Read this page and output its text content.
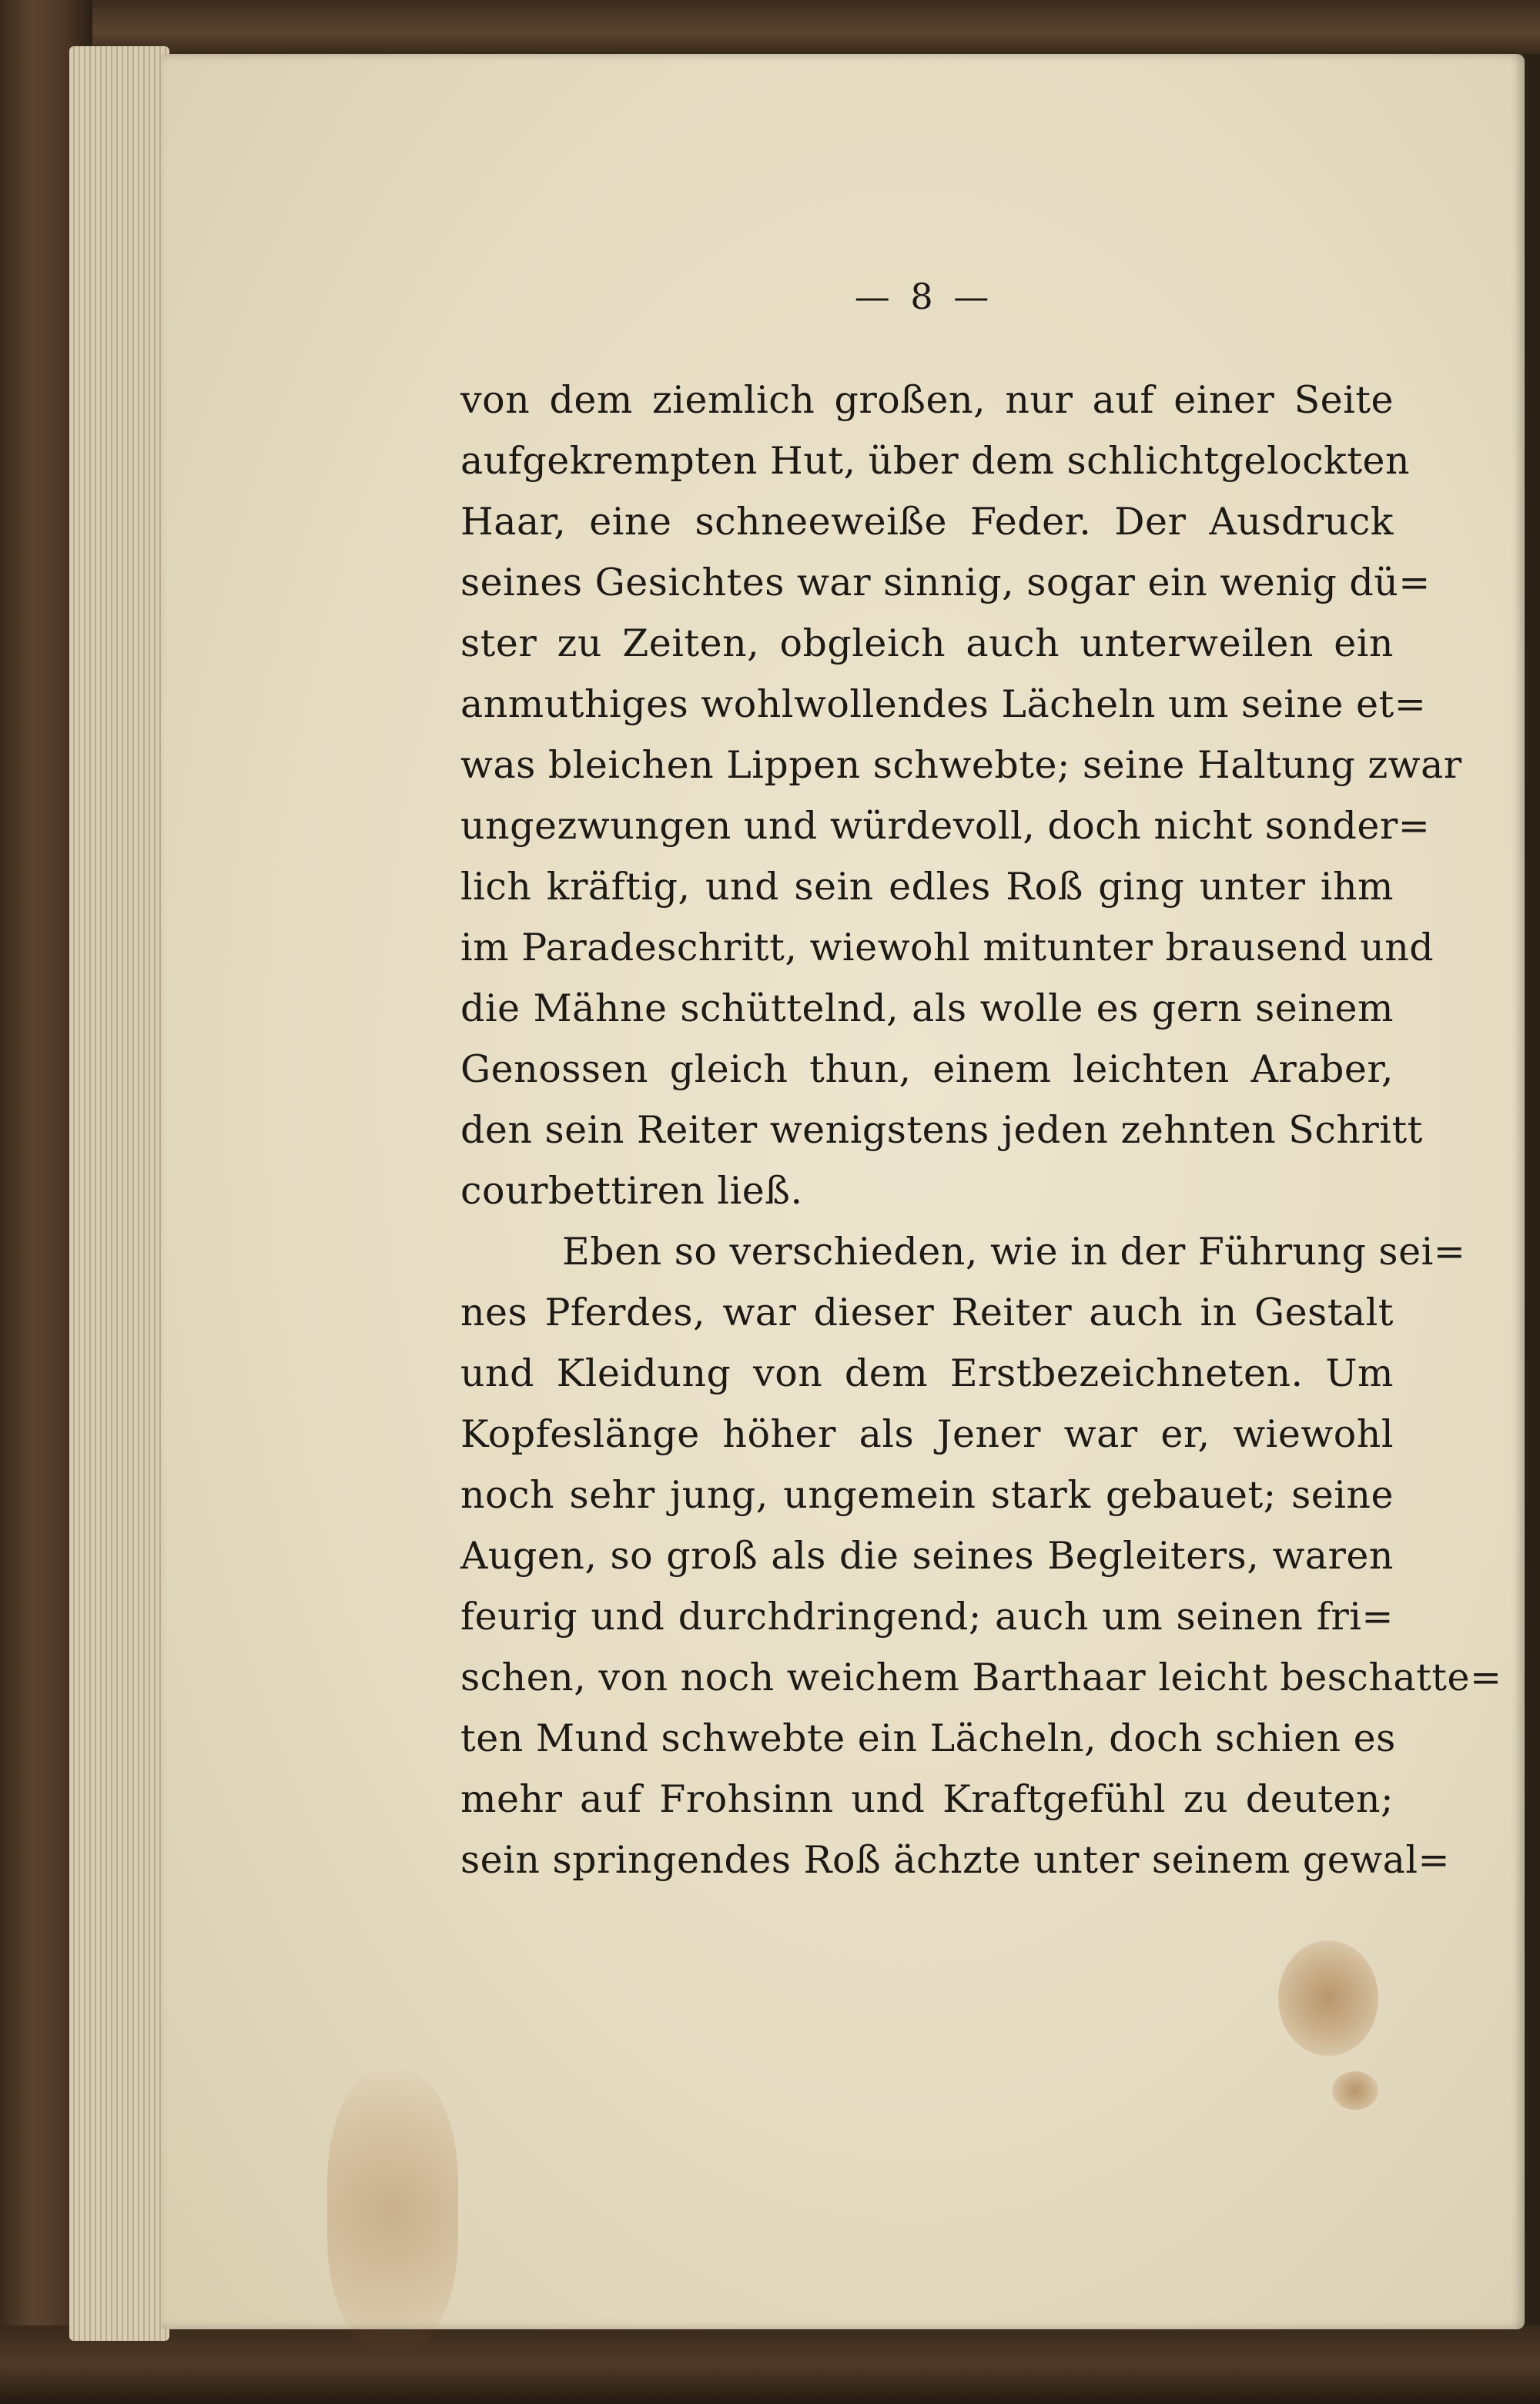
— 8 —
von dem ziemlich großen, nur auf einer Seite
aufgekrempten Hut, über dem schlichtgelockten
Haar, eine schneeweiße Feder. Der Ausdruck
seines Gesichtes war sinnig, sogar ein wenig dü=
ster zu Zeiten, obgleich auch unterweilen ein
anmuthiges wohlwollendes Lächeln um seine et=
was bleichen Lippen schwebte; seine Haltung zwar
ungezwungen und würdevoll, doch nicht sonder=
lich kräftig, und sein edles Roß ging unter ihm
im Paradeschritt, wiewohl mitunter brausend und
die Mähne schüttelnd, als wolle es gern seinem
Genossen gleich thun, einem leichten Araber,
den sein Reiter wenigstens jeden zehnten Schritt
courbettiren ließ.
Eben so verschieden, wie in der Führung sei=
nes Pferdes, war dieser Reiter auch in Gestalt
und Kleidung von dem Erstbezeichneten. Um
Kopfeslänge höher als Jener war er, wiewohl
noch sehr jung, ungemein stark gebauet; seine
Augen, so groß als die seines Begleiters, waren
feurig und durchdringend; auch um seinen fri=
schen, von noch weichem Barthaar leicht beschatte=
ten Mund schwebte ein Lächeln, doch schien es
mehr auf Frohsinn und Kraftgefühl zu deuten;
sein springendes Roß ächzte unter seinem gewal=
